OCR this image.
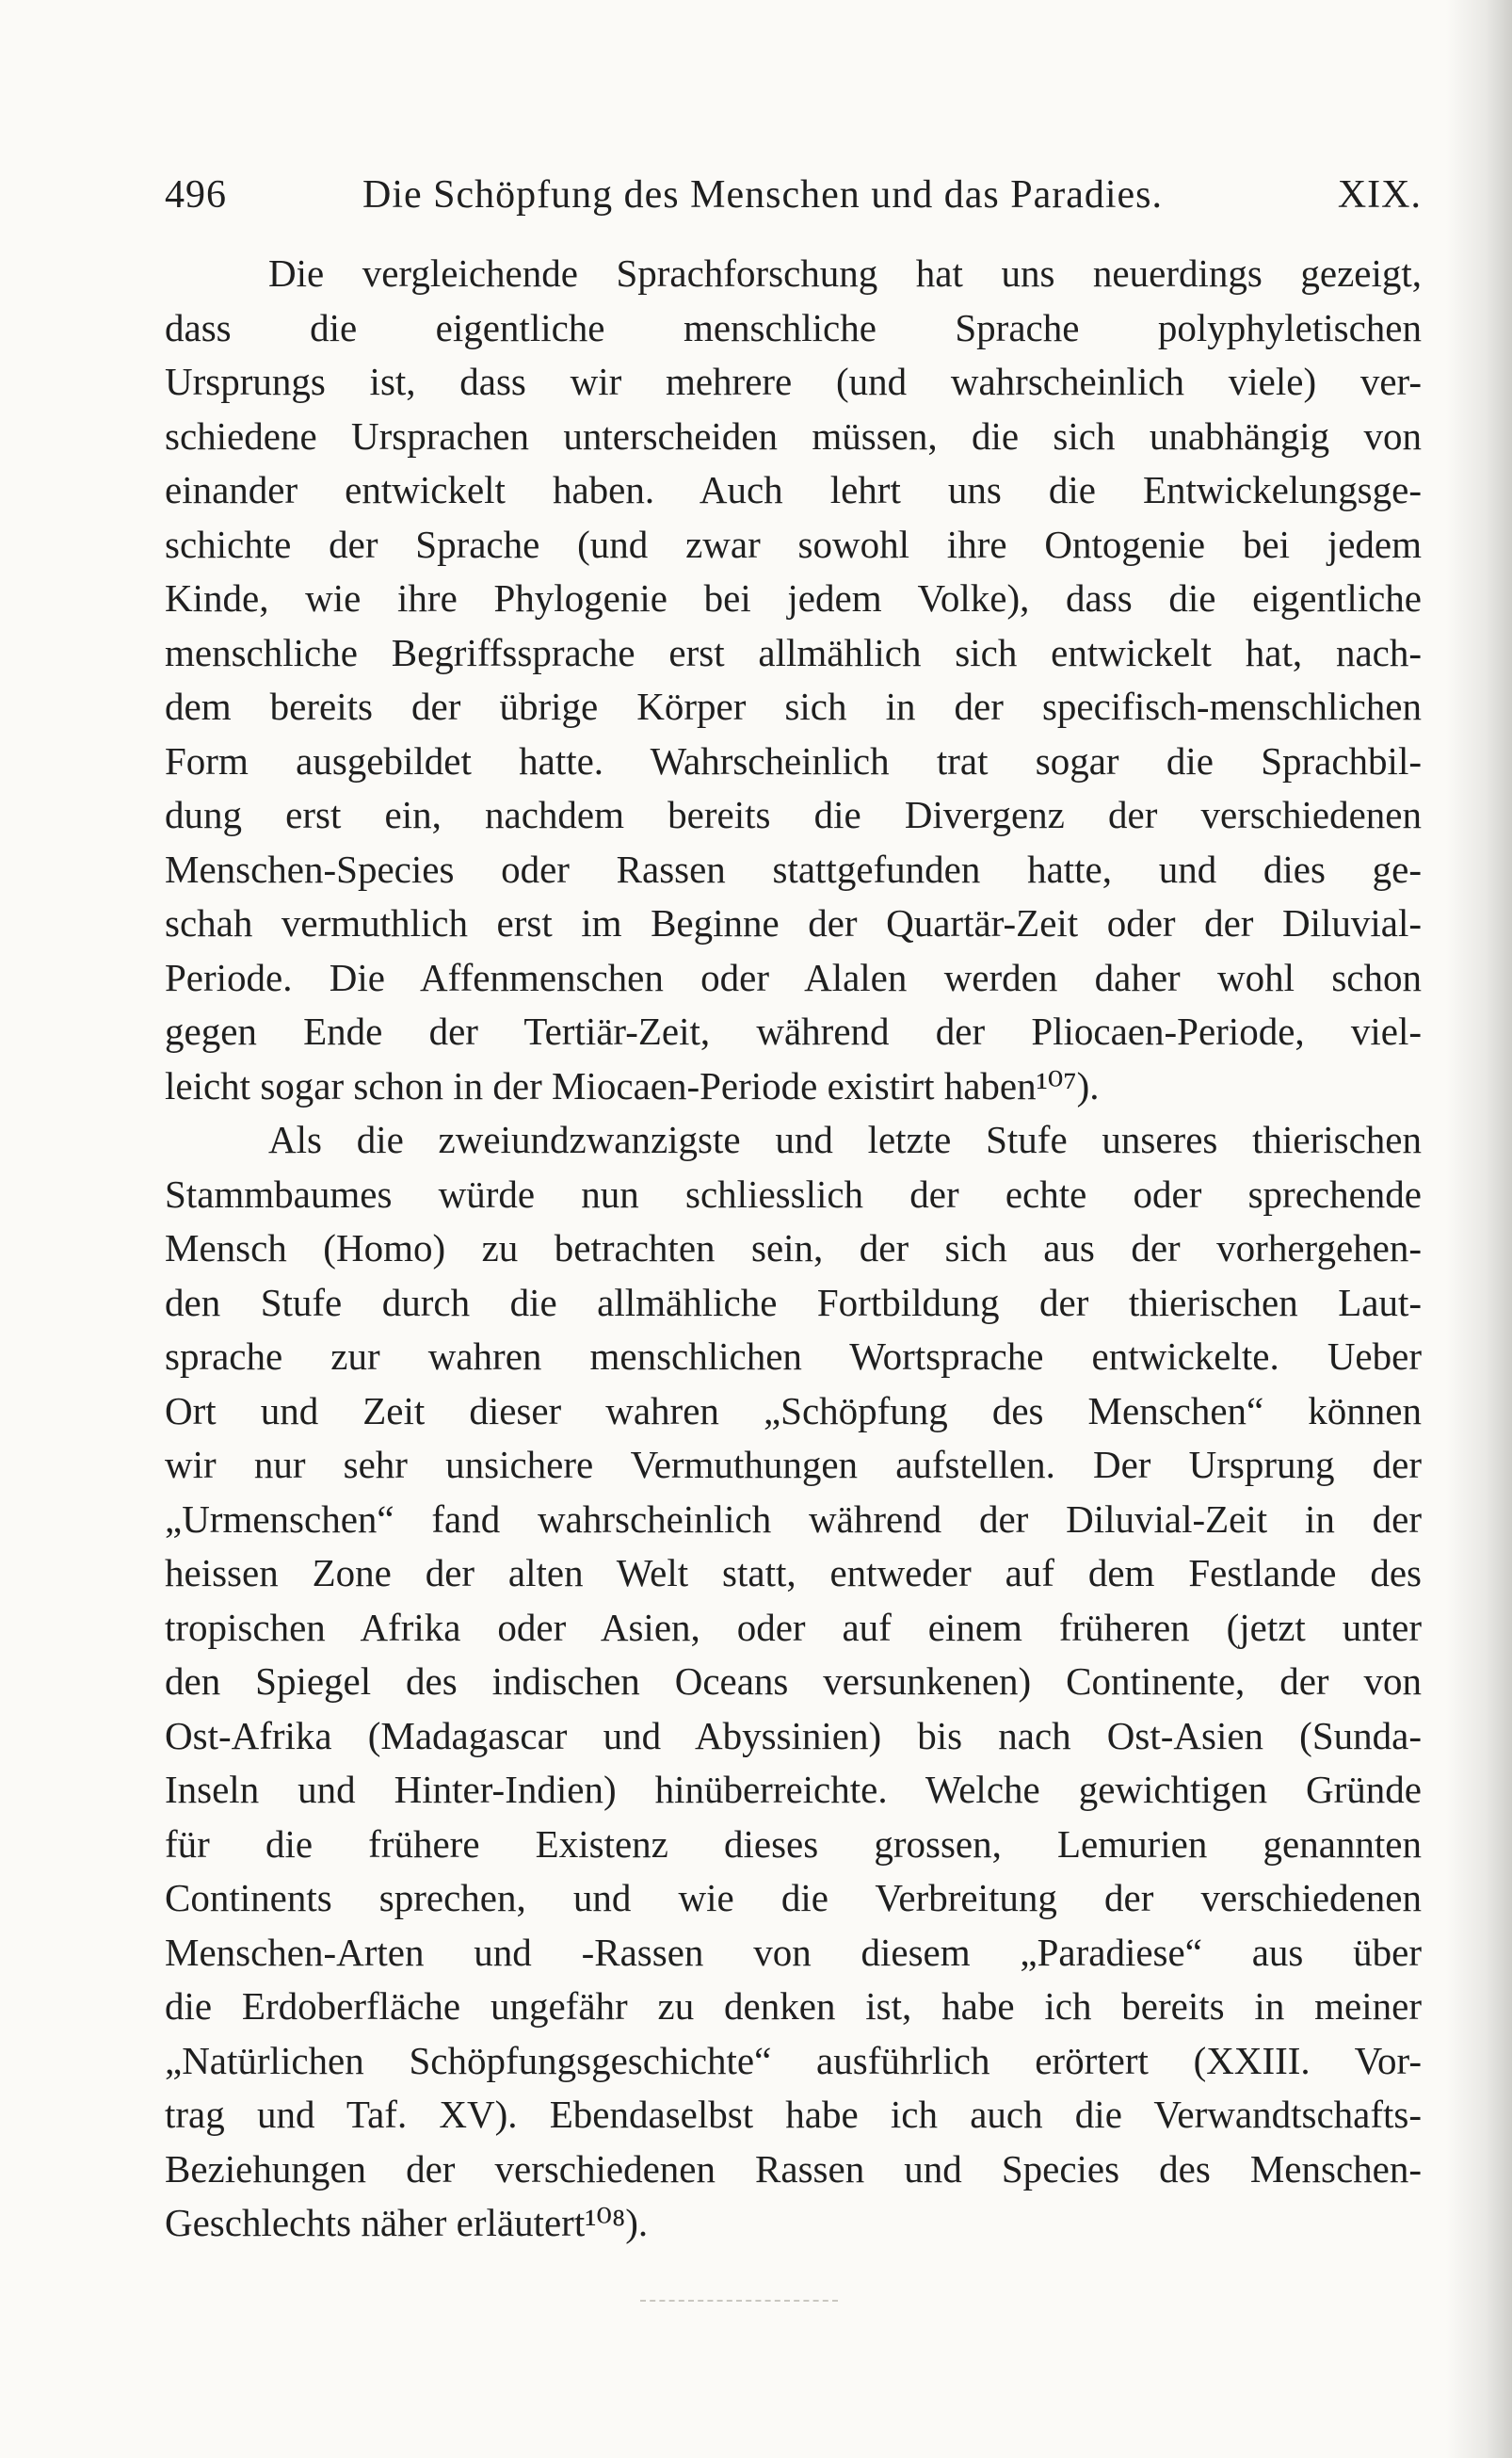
496	Die Schöpfung des Menschen und das Paradies.	XIX.
Die vergleichende Sprachforschung hat uns neuerdings gezeigt,
dass die eigentliche menschliche Sprache polyphyletischen
Ursprungs ist, dass wir mehrere (und wahrscheinlich viele) ver-
schiedene Ursprachen unterscheiden müssen, die sich unabhängig von
einander entwickelt haben. Auch lehrt uns die Entwickelungsge-
schichte der Sprache (und zwar sowohl ihre Ontogenie bei jedem
Kinde, wie ihre Phylogenie bei jedem Volke), dass die eigentliche
menschliche Begriffssprache erst allmählich sich entwickelt hat, nach-
dem bereits der übrige Körper sich in der specifisch-menschlichen
Form ausgebildet hatte. Wahrscheinlich trat sogar die Sprachbil-
dung erst ein, nachdem bereits die Divergenz der verschiedenen
Menschen-Species oder Rassen stattgefunden hatte, und dies ge-
schah vermuthlich erst im Beginne der Quartär-Zeit oder der Diluvial-
Periode. Die Affenmenschen oder Alalen werden daher wohl schon
gegen Ende der Tertiär-Zeit, während der Pliocaen-Periode, viel-
leicht sogar schon in der Miocaen-Periode existirt haben¹⁰⁷).
Als die zweiundzwanzigste und letzte Stufe unseres thierischen
Stammbaumes würde nun schliesslich der echte oder sprechende
Mensch (Homo) zu betrachten sein, der sich aus der vorhergehen-
den Stufe durch die allmähliche Fortbildung der thierischen Laut-
sprache zur wahren menschlichen Wortsprache entwickelte. Ueber
Ort und Zeit dieser wahren „Schöpfung des Menschen“ können
wir nur sehr unsichere Vermuthungen aufstellen. Der Ursprung der
„Urmenschen“ fand wahrscheinlich während der Diluvial-Zeit in der
heissen Zone der alten Welt statt, entweder auf dem Festlande des
tropischen Afrika oder Asien, oder auf einem früheren (jetzt unter
den Spiegel des indischen Oceans versunkenen) Continente, der von
Ost-Afrika (Madagascar und Abyssinien) bis nach Ost-Asien (Sunda-
Inseln und Hinter-Indien) hinüberreichte. Welche gewichtigen Gründe
für die frühere Existenz dieses grossen, Lemurien genannten
Continents sprechen, und wie die Verbreitung der verschiedenen
Menschen-Arten und -Rassen von diesem „Paradiese“ aus über
die Erdoberfläche ungefähr zu denken ist, habe ich bereits in meiner
„Natürlichen Schöpfungsgeschichte“ ausführlich erörtert (XXIII. Vor-
trag und Taf. XV). Ebendaselbst habe ich auch die Verwandtschafts-
Beziehungen der verschiedenen Rassen und Species des Menschen-
Geschlechts näher erläutert¹⁰⁸).
